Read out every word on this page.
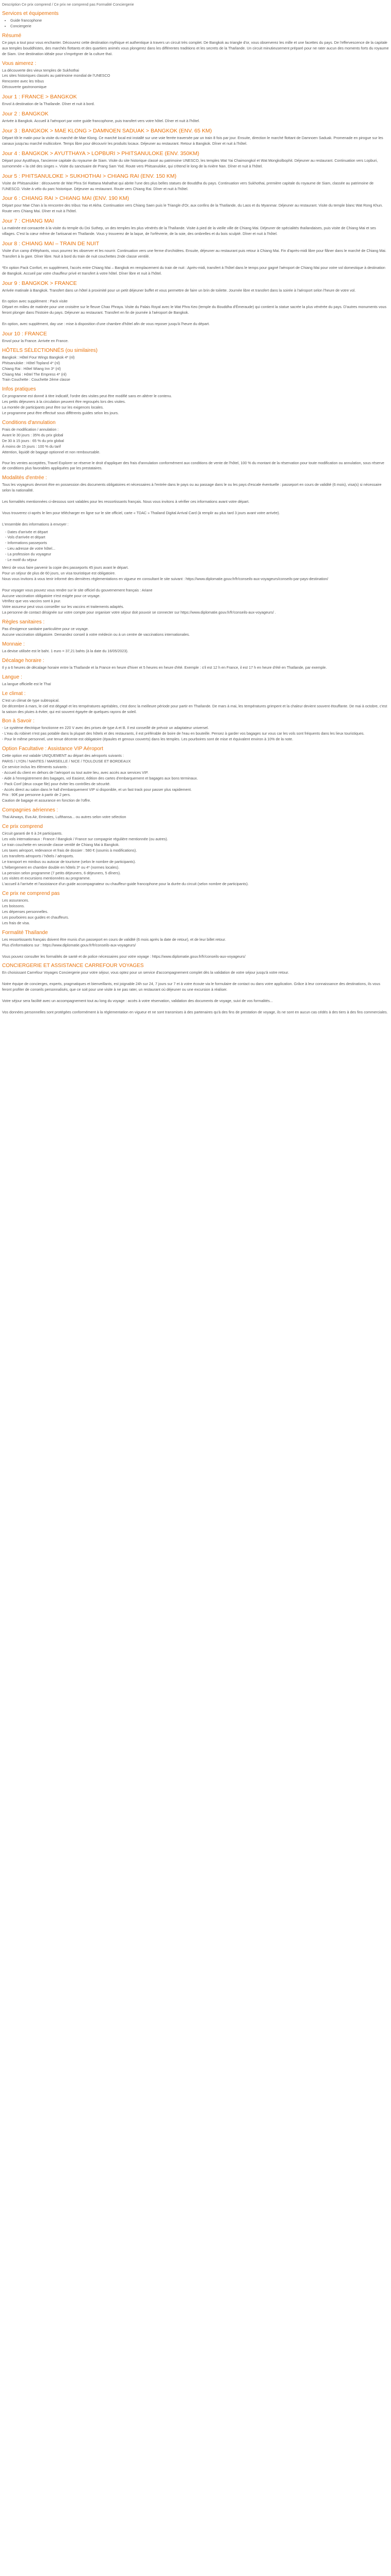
Description Ce prix comprend / Ce prix ne comprend pas Formalité Conciergerie

Services et équipements
• Guide francophone
• Conciergerie
Résumé

Ce pays a tout pour vous enchanter. Découvrez cette destination mythique et authentique à travers un circuit très complet. De Bangkok au triangle d'or, vous observerez les mille et une facettes du pays. De l'effervescence de la capitale aux temples bouddhistes, des marchés flottants et des quartiers animés vous plongerez dans les différentes traditions et les secrets de la Thaïlande. Un circuit minutieusement préparé pour ne rater aucun des moments forts du royaume de Siam. Une destination idéale pour s'imprégner de la culture thaï.

Vous aimerez :

La découverte des vieux temples de Sukhothai

Les sites historiques classés au patrimoine mondial de l'UNESCO

Rencontre avec les tribus

Découverte gastronomique

Jour 1 : FRANCE > BANGKOK

Envol à destination de la Thaïlande. Dîner et nuit à bord.

Jour 2 : BANGKOK

Arrivée à Bangkok. Accueil à l'aéroport par votre guide francophone, puis transfert vers votre hôtel. Dîner et nuit à l'hôtel.

Jour 3 : BANGKOK > MAE KLONG > DAMNOEN SADUAK > BANGKOK (ENV. 65 KM)

Départ tôt le matin pour la visite du marché de Mae Klong. Ce marché local est installé sur une voie ferrée traversée par un train 8 fois par jour. Ensuite, direction le marché flottant de Damnoen Saduak. Promenade en pirogue sur les canaux jusqu'au marché multicolore. Temps libre pour découvrir les produits locaux. Déjeuner au restaurant. Retour à Bangkok. Dîner et nuit à l'hôtel.

Jour 4 : BANGKOK > AYUTTHAYA > LOPBURI > PHITSANULOKE (ENV. 350KM)

Départ pour Ayutthaya, l'ancienne capitale du royaume de Siam. Visite du site historique classé au patrimoine UNESCO, les temples Wat Yai Chaimongkol et Wat Mongkolbophit. Déjeuner au restaurant. Continuation vers Lopburi, surnommée « la cité des singes ». Visite du sanctuaire de Prang Sam Yod. Route vers Phitsanuloke, qui s'étend le long de la rivière Nan. Dîner et nuit à l'hôtel.

Jour 5 : PHITSANULOKE > SUKHOTHAI > CHIANG RAI (ENV. 150 KM)

Visite de Phitsanuloke : découverte de Wat Phra Sri Rattana Mahathat qui abrite l'une des plus belles statues de Bouddha du pays. Continuation vers Sukhothai, première capitale du royaume de Siam, classée au patrimoine de l'UNESCO. Visite à vélo du parc historique. Déjeuner au restaurant. Route vers Chiang Rai. Dîner et nuit à l'hôtel.

Jour 6 : CHIANG RAI > CHIANG MAI (ENV. 190 KM)

Départ pour Mae Chan à la rencontre des tribus Yao et Akha. Continuation vers Chiang Saen puis le Triangle d'Or, aux confins de la Thaïlande, du Laos et du Myanmar. Déjeuner au restaurant. Visite du temple blanc Wat Rong Khun. Route vers Chiang Mai. Dîner et nuit à l'hôtel.

Jour 7 : CHIANG MAI

La matinée est consacrée à la visite du temple du Doi Suthep, un des temples les plus vénérés de la Thaïlande. Visite à pied de la vieille ville de Chiang Mai. Déjeuner de spécialités thaïlandaises, puis visite de Chiang Mai et ses villages. C'est la cœur même de l'artisanat en Thaïlande. Vous y trouverez de la laque, de l'orfèvrerie, de la soie, des ombrelles et du bois sculpté. Dîner et nuit à l'hôtel.

Jour 8 : CHIANG MAI – TRAIN DE NUIT

Visite d'un camp d'éléphants, vous pourrez les observer et les nourrir. Continuation vers une ferme d'orchidées. Ensuite, déjeuner au restaurant puis retour à Chiang Mai. Fin d'après-midi libre pour flâner dans le marché de Chiang Mai. Transfert à la gare. Dîner libre. Nuit à bord du train de nuit couchettes 2nde classe ventilé.

*En option Pack Confort, en supplément, l'accès entre Chiang Mai – Bangkok en remplacement du train de nuit : Après-midi, transfert à l'hôtel dans le temps pour gagné l'aéroport de Chiang Mai pour votre vol domestique à destination de Bangkok. Accueil par votre chauffeur privé et transfert à votre hôtel. Dîner libre et nuit à l'hôtel.

Jour 9 : BANGKOK > FRANCE

Arrivée matinale à Bangkok. Transfert dans un hôtel à proximité pour un petit déjeuner buffet et vous permettre de faire un brin de toilette. Journée libre et transfert dans la soirée à l'aéroport selon l'heure de votre vol.

En option avec supplément : Pack visite
Départ en milieu de matinée pour une croisière sur le fleuve Chao Phraya. Visite du Palais Royal avec le Wat Phra Keo (temple du Bouddha d'Émeraude) qui contient la statue sacrée la plus vénérée du pays. D'autres monuments vous feront plonger dans l'histoire du pays. Déjeuner au restaurant. Transfert en fin de journée à l'aéroport de Bangkok.

En option, avec supplément, day use : mise à disposition d'une chambre d'hôtel afin de vous reposer jusqu'à l'heure du départ.

Jour 10 : FRANCE

Envol pour la France. Arrivée en France.

HÔTELS SÉLECTIONNÉS (ou similaires)

Bangkok : Hôtel Four Wings Bangkok 4* (nl)

Phitsanuloke : Hôtel Topland 4* (nl)

Chiang Rai : Hôtel Wiang Inn 3* (nl)

Chiang Mai : Hôtel The Empress 4* (nl)

Train Couchette : Couchette 2ème classe

Infos pratiques

Ce programme est donné à titre indicatif, l'ordre des visites peut être modifié sans en altérer le contenu.

Les petits déjeuners à la circulation peuvent être regroupés lors des visites.

La montée de participants peut être sur les exigences locales.

Le programme peut être effectué sous différents guides selon les jours.

Conditions d'annulation

Frais de modification / annulation :

Avant le 30 jours : 35% du prix global

De 30 à 15 jours : 65 % du prix global

À moins de 15 jours : 100 % du tarif

Attention, liquidé de bagage optionnel et non remboursable.

Pour les ventes acceptées, Travel Explorer se réserve le droit d'appliquer des frais d'annulation conformément aux conditions de vente de l'hôtel, 100 % du montant de la réservation pour toute modification ou annulation, sous réserve de conditions plus favorables appliquées par les prestataires.

Modalités d'entrée :

Tous les voyageurs devront être en possession des documents obligatoires et nécessaires à l'entrée dans le pays ou au passage dans le ou les pays d'escale éventuelle : passeport en cours de validité (6 mois), visa(s) si nécessaire selon la nationalité.

Les formalités mentionnées ci-dessous sont valables pour les ressortissants français. Nous vous invitons à vérifier ces informations avant votre départ.

Vous trouverez ci-après le lien pour télécharger en ligne sur le site officiel, carte « TDAC » Thailand Digital Arrival Card (à remplir au plus tard 3 jours avant votre arrivée).

L'ensemble des informations à envoyer :

- Dates d'arrivée et départ
- Vols d'arrivée et départ
- Informations passeports
- Lieu adresse de votre hôtel...
- La profession du voyageur
- Le motif du séjour

Merci de vous faire parvenir la copie des passeports 45 jours avant le départ.
Pour un séjour de plus de 60 jours, un visa touristique est obligatoire.
Nous vous invitons à vous tenir informé des dernières réglementations en vigueur en consultant le site suivant : https://www.diplomatie.gouv.fr/fr/conseils-aux-voyageurs/conseils-par-pays-destination/

Pour voyager vous pouvez vous rendre sur le site officiel du gouvernement français : Ariane
Aucune vaccination obligatoire n'est exigée pour ce voyage.
Vérifiez que vos vaccins sont à jour.
Votre assureur peut vous conseiller sur les vaccins et traitements adaptés.
La personne de contact désignée sur votre compte pour organiser votre séjour doit pouvoir se connecter sur https://www.diplomatie.gouv.fr/fr/conseils-aux-voyageurs/ .

Règles sanitaires :

Pas d'exigence sanitaire particulière pour ce voyage.
Aucune vaccination obligatoire. Demandez conseil à votre médecin ou à un centre de vaccinations internationales.

Monnaie :

La devise utilisée est le baht. 1 euro = 37,21 bahts (à la date du 16/05/2023).

Décalage horaire :

Il y a 6 heures de décalage horaire entre la Thaïlande et la France en heure d'hiver et 5 heures en heure d'été. Exemple : s'il est 12 h en France, il est 17 h en heure d'été en Thaïlande, par exemple.

Langue :

La langue officielle est le Thaï

Le climat :

C'est un climat de type subtropical.
De décembre à mars, le ciel est dégagé et les températures agréables, c'est donc la meilleure période pour partir en Thaïlande. De mars à mai, les températures grimpent et la chaleur devient souvent étouffante. De mai à octobre, c'est la saison des pluies à éviter, qui est souvent égayée de quelques rayons de soleil.

Bon à Savoir :

- Le système électrique fonctionne en 220 V avec des prises de type A et B. Il est conseillé de prévoir un adaptateur universel.
- L'eau du robinet n'est pas potable dans la plupart des hôtels et des restaurants, il est préférable de boire de l'eau en bouteille. Pensez à garder vos bagages sur vous car les vols sont fréquents dans les lieux touristiques.
- Pour le même personnel, une tenue décente est obligatoire (épaules et genoux couverts) dans les temples. Les pourboires sont de mise et équivalent environ à 10% de la note.

Option Facultative : Assistance VIP Aéroport

Cette option est valable UNIQUEMENT au départ des aéroports suivants :
PARIS / LYON / NANTES / MARSEILLE / NICE / TOULOUSE ET BORDEAUX
Ce service inclus les éléments suivants :
- Accueil du client en dehors de l'aéroport ou tout autre lieu, avec accès aux services VIP.
- Aide à l'enregistrement des bagages, vol Easiest, édition des cartes d'embarquement et bagages aux bons terminaux.
- Pack Conf (deux coupe file) pour éviter les contrôles de sécurité.
- Accès direct au salon dans le hall d'embarquement VIP si disponible, et un fast track pour passer plus rapidement.
Prix : 90€ par personne à partir de 2 pers.
Caution de bagage et assurance en fonction de l'offre.

Compagnies aériennes :

Thai Airways, Eva Air, Emirates, Lufthansa... ou autres selon votre sélection

Ce prix comprend

Circuit garanti de 6 à 24 participants.
Les vols internationaux : France / Bangkok / France sur compagnie régulière mentionnée (ou autres).
Le train couchette en seconde classe ventilé de Chiang Mai à Bangkok.
Les taxes aéroport, redevance et frais de dossier : 580 € (soumis à modifications).
Les transferts aéroports / hôtels / aéroports.
Le transport en minibus ou autocar de tourisme (selon le nombre de participants).
L'hébergement en chambre double en hôtels 3* ou 4* (normes locales).
La pension selon programme (7 petits déjeuners, 6 déjeuners, 5 dîners).
Les visites et excursions mentionnées au programme.
L'accueil à l'arrivée et l'assistance d'un guide accompagnateur ou chauffeur-guide francophone pour la durée du circuit (selon nombre de participants).

Ce prix ne comprend pas

Les assurances.
Les boissons.
Les dépenses personnelles.
Les pourboires aux guides et chauffeurs.
Les frais de visa.

Formalité Thaïlande

Les ressortissants français doivent être munis d'un passeport en cours de validité (6 mois après la date de retour), et de leur billet retour.
Plus d'informations sur : https://www.diplomatie.gouv.fr/fr/conseils-aux-voyageurs/

Vous pouvez consulter les formalités de santé et de police nécessaires pour votre voyage : https://www.diplomatie.gouv.fr/fr/conseils-aux-voyageurs/

CONCIERGERIE ET ASSISTANCE CARREFOUR VOYAGES

En choisissant Carrefour Voyages Conciergerie pour votre séjour, vous optez pour un service d'accompagnement complet dès la validation de votre séjour jusqu'à votre retour.

Notre équipe de concierges, experts, pragmatiques et bienveillants, est joignable 24h sur 24, 7 jours sur 7 et à votre écoute via le formulaire de contact ou dans votre application. Grâce à leur connaissance des destinations, ils vous feront profiter de conseils personnalisés, que ce soit pour une visite à ne pas rater, un restaurant où déjeuner ou une excursion à réaliser.

Votre séjour sera facilité avec un accompagnement tout au long du voyage : accès à votre réservation, validation des documents de voyage, suivi de vos formalités...

Vos données personnelles sont protégées conformément à la réglementation en vigueur et ne sont transmises à des partenaires qu'à des fins de prestation de voyage, ils ne sont en aucun cas cédés à des tiers à des fins commerciales.
